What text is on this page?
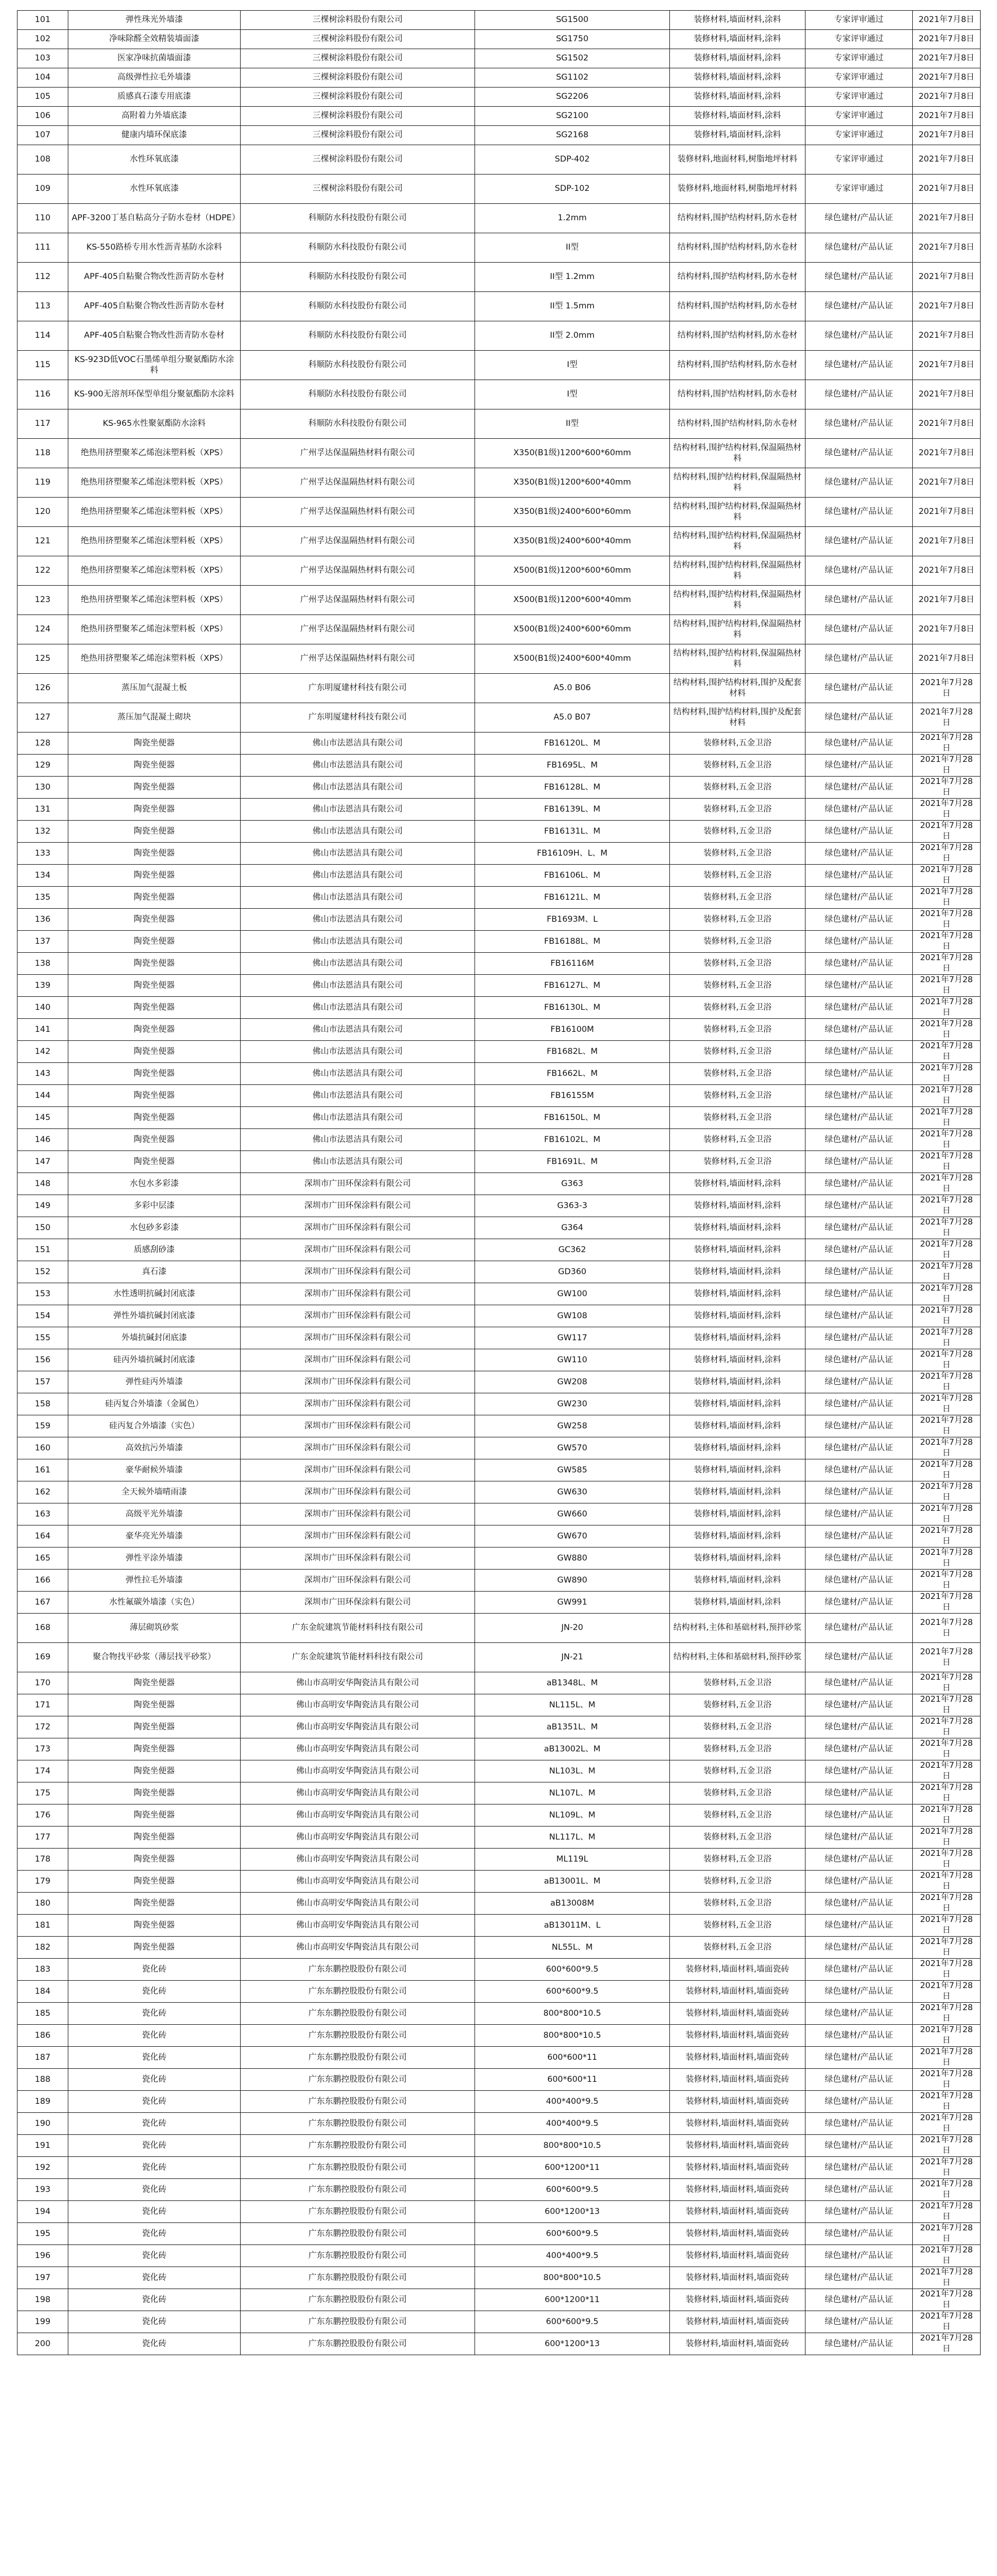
101	弹性珠光外墙漆	三棵树涂料股份有限公司	SG1500	装修材料,墙面材料,涂料	专家评审通过	2021年7月8日
102	净味除醛全效精装墙面漆	三棵树涂料股份有限公司	SG1750	装修材料,墙面材料,涂料	专家评审通过	2021年7月8日
103	医家净味抗菌墙面漆	三棵树涂料股份有限公司	SG1502	装修材料,墙面材料,涂料	专家评审通过	2021年7月8日
104	高级弹性拉毛外墙漆	三棵树涂料股份有限公司	SG1102	装修材料,墙面材料,涂料	专家评审通过	2021年7月8日
105	质感真石漆专用底漆	三棵树涂料股份有限公司	SG2206	装修材料,墙面材料,涂料	专家评审通过	2021年7月8日
106	高附着力外墙底漆	三棵树涂料股份有限公司	SG2100	装修材料,墙面材料,涂料	专家评审通过	2021年7月8日
107	健康内墙环保底漆	三棵树涂料股份有限公司	SG2168	装修材料,墙面材料,涂料	专家评审通过	2021年7月8日
108	水性环氧底漆	三棵树涂料股份有限公司	SDP-402	装修材料,地面材料,树脂地坪材料	专家评审通过	2021年7月8日
109	水性环氧底漆	三棵树涂料股份有限公司	SDP-102	装修材料,地面材料,树脂地坪材料	专家评审通过	2021年7月8日
110	APF-3200丁基自粘高分子防水卷材（HDPE）	科顺防水科技股份有限公司	1.2mm	结构材料,围护结构材料,防水卷材	绿色建材/产品认证	2021年7月8日
111	KS-550路桥专用水性沥青基防水涂料	科顺防水科技股份有限公司	II型	结构材料,围护结构材料,防水卷材	绿色建材/产品认证	2021年7月8日
112	APF-405自粘聚合物改性沥青防水卷材	科顺防水科技股份有限公司	II型 1.2mm	结构材料,围护结构材料,防水卷材	绿色建材/产品认证	2021年7月8日
113	APF-405自粘聚合物改性沥青防水卷材	科顺防水科技股份有限公司	II型 1.5mm	结构材料,围护结构材料,防水卷材	绿色建材/产品认证	2021年7月8日
114	APF-405自粘聚合物改性沥青防水卷材	科顺防水科技股份有限公司	II型 2.0mm	结构材料,围护结构材料,防水卷材	绿色建材/产品认证	2021年7月8日
115	KS-923D低VOC石墨烯单组分聚氨酯防水涂料	科顺防水科技股份有限公司	I型	结构材料,围护结构材料,防水卷材	绿色建材/产品认证	2021年7月8日
116	KS-900无溶剂环保型单组分聚氨酯防水涂料	科顺防水科技股份有限公司	I型	结构材料,围护结构材料,防水卷材	绿色建材/产品认证	2021年7月8日
117	KS-965水性聚氨酯防水涂料	科顺防水科技股份有限公司	II型	结构材料,围护结构材料,防水卷材	绿色建材/产品认证	2021年7月8日
118	绝热用挤塑聚苯乙烯泡沫塑料板（XPS）	广州孚达保温隔热材料有限公司	X350(B1级)1200*600*60mm	结构材料,围护结构材料,保温隔热材料	绿色建材/产品认证	2021年7月8日
119	绝热用挤塑聚苯乙烯泡沫塑料板（XPS）	广州孚达保温隔热材料有限公司	X350(B1级)1200*600*40mm	结构材料,围护结构材料,保温隔热材料	绿色建材/产品认证	2021年7月8日
120	绝热用挤塑聚苯乙烯泡沫塑料板（XPS）	广州孚达保温隔热材料有限公司	X350(B1级)2400*600*60mm	结构材料,围护结构材料,保温隔热材料	绿色建材/产品认证	2021年7月8日
121	绝热用挤塑聚苯乙烯泡沫塑料板（XPS）	广州孚达保温隔热材料有限公司	X350(B1级)2400*600*40mm	结构材料,围护结构材料,保温隔热材料	绿色建材/产品认证	2021年7月8日
122	绝热用挤塑聚苯乙烯泡沫塑料板（XPS）	广州孚达保温隔热材料有限公司	X500(B1级)1200*600*60mm	结构材料,围护结构材料,保温隔热材料	绿色建材/产品认证	2021年7月8日
123	绝热用挤塑聚苯乙烯泡沫塑料板（XPS）	广州孚达保温隔热材料有限公司	X500(B1级)1200*600*40mm	结构材料,围护结构材料,保温隔热材料	绿色建材/产品认证	2021年7月8日
124	绝热用挤塑聚苯乙烯泡沫塑料板（XPS）	广州孚达保温隔热材料有限公司	X500(B1级)2400*600*60mm	结构材料,围护结构材料,保温隔热材料	绿色建材/产品认证	2021年7月8日
125	绝热用挤塑聚苯乙烯泡沫塑料板（XPS）	广州孚达保温隔热材料有限公司	X500(B1级)2400*600*40mm	结构材料,围护结构材料,保温隔热材料	绿色建材/产品认证	2021年7月8日
126	蒸压加气混凝土板	广东明厦建材科技有限公司	A5.0 B06	结构材料,围护结构材料,围护及配套材料	绿色建材/产品认证	2021年7月28日
127	蒸压加气混凝土砌块	广东明厦建材科技有限公司	A5.0 B07	结构材料,围护结构材料,围护及配套材料	绿色建材/产品认证	2021年7月28日
128	陶瓷坐便器	佛山市法恩洁具有限公司	FB16120L、M	装修材料,五金卫浴	绿色建材/产品认证	2021年7月28日
129	陶瓷坐便器	佛山市法恩洁具有限公司	FB1695L、M	装修材料,五金卫浴	绿色建材/产品认证	2021年7月28日
130	陶瓷坐便器	佛山市法恩洁具有限公司	FB16128L、M	装修材料,五金卫浴	绿色建材/产品认证	2021年7月28日
131	陶瓷坐便器	佛山市法恩洁具有限公司	FB16139L、M	装修材料,五金卫浴	绿色建材/产品认证	2021年7月28日
132	陶瓷坐便器	佛山市法恩洁具有限公司	FB16131L、M	装修材料,五金卫浴	绿色建材/产品认证	2021年7月28日
133	陶瓷坐便器	佛山市法恩洁具有限公司	FB16109H、L、M	装修材料,五金卫浴	绿色建材/产品认证	2021年7月28日
134	陶瓷坐便器	佛山市法恩洁具有限公司	FB16106L、M	装修材料,五金卫浴	绿色建材/产品认证	2021年7月28日
135	陶瓷坐便器	佛山市法恩洁具有限公司	FB16121L、M	装修材料,五金卫浴	绿色建材/产品认证	2021年7月28日
136	陶瓷坐便器	佛山市法恩洁具有限公司	FB1693M、L	装修材料,五金卫浴	绿色建材/产品认证	2021年7月28日
137	陶瓷坐便器	佛山市法恩洁具有限公司	FB16188L、M	装修材料,五金卫浴	绿色建材/产品认证	2021年7月28日
138	陶瓷坐便器	佛山市法恩洁具有限公司	FB16116M	装修材料,五金卫浴	绿色建材/产品认证	2021年7月28日
139	陶瓷坐便器	佛山市法恩洁具有限公司	FB16127L、M	装修材料,五金卫浴	绿色建材/产品认证	2021年7月28日
140	陶瓷坐便器	佛山市法恩洁具有限公司	FB16130L、M	装修材料,五金卫浴	绿色建材/产品认证	2021年7月28日
141	陶瓷坐便器	佛山市法恩洁具有限公司	FB16100M	装修材料,五金卫浴	绿色建材/产品认证	2021年7月28日
142	陶瓷坐便器	佛山市法恩洁具有限公司	FB1682L、M	装修材料,五金卫浴	绿色建材/产品认证	2021年7月28日
143	陶瓷坐便器	佛山市法恩洁具有限公司	FB1662L、M	装修材料,五金卫浴	绿色建材/产品认证	2021年7月28日
144	陶瓷坐便器	佛山市法恩洁具有限公司	FB16155M	装修材料,五金卫浴	绿色建材/产品认证	2021年7月28日
145	陶瓷坐便器	佛山市法恩洁具有限公司	FB16150L、M	装修材料,五金卫浴	绿色建材/产品认证	2021年7月28日
146	陶瓷坐便器	佛山市法恩洁具有限公司	FB16102L、M	装修材料,五金卫浴	绿色建材/产品认证	2021年7月28日
147	陶瓷坐便器	佛山市法恩洁具有限公司	FB1691L、M	装修材料,五金卫浴	绿色建材/产品认证	2021年7月28日
148	水包水多彩漆	深圳市广田环保涂料有限公司	G363	装修材料,墙面材料,涂料	绿色建材/产品认证	2021年7月28日
149	多彩中层漆	深圳市广田环保涂料有限公司	G363-3	装修材料,墙面材料,涂料	绿色建材/产品认证	2021年7月28日
150	水包砂多彩漆	深圳市广田环保涂料有限公司	G364	装修材料,墙面材料,涂料	绿色建材/产品认证	2021年7月28日
151	质感刮砂漆	深圳市广田环保涂料有限公司	GC362	装修材料,墙面材料,涂料	绿色建材/产品认证	2021年7月28日
152	真石漆	深圳市广田环保涂料有限公司	GD360	装修材料,墙面材料,涂料	绿色建材/产品认证	2021年7月28日
153	水性透明抗碱封闭底漆	深圳市广田环保涂料有限公司	GW100	装修材料,墙面材料,涂料	绿色建材/产品认证	2021年7月28日
154	弹性外墙抗碱封闭底漆	深圳市广田环保涂料有限公司	GW108	装修材料,墙面材料,涂料	绿色建材/产品认证	2021年7月28日
155	外墙抗碱封闭底漆	深圳市广田环保涂料有限公司	GW117	装修材料,墙面材料,涂料	绿色建材/产品认证	2021年7月28日
156	硅丙外墙抗碱封闭底漆	深圳市广田环保涂料有限公司	GW110	装修材料,墙面材料,涂料	绿色建材/产品认证	2021年7月28日
157	弹性硅丙外墙漆	深圳市广田环保涂料有限公司	GW208	装修材料,墙面材料,涂料	绿色建材/产品认证	2021年7月28日
158	硅丙复合外墙漆（金属色）	深圳市广田环保涂料有限公司	GW230	装修材料,墙面材料,涂料	绿色建材/产品认证	2021年7月28日
159	硅丙复合外墙漆（实色）	深圳市广田环保涂料有限公司	GW258	装修材料,墙面材料,涂料	绿色建材/产品认证	2021年7月28日
160	高效抗污外墙漆	深圳市广田环保涂料有限公司	GW570	装修材料,墙面材料,涂料	绿色建材/产品认证	2021年7月28日
161	豪华耐候外墙漆	深圳市广田环保涂料有限公司	GW585	装修材料,墙面材料,涂料	绿色建材/产品认证	2021年7月28日
162	全天候外墙晴雨漆	深圳市广田环保涂料有限公司	GW630	装修材料,墙面材料,涂料	绿色建材/产品认证	2021年7月28日
163	高级平光外墙漆	深圳市广田环保涂料有限公司	GW660	装修材料,墙面材料,涂料	绿色建材/产品认证	2021年7月28日
164	豪华亮光外墙漆	深圳市广田环保涂料有限公司	GW670	装修材料,墙面材料,涂料	绿色建材/产品认证	2021年7月28日
165	弹性平涂外墙漆	深圳市广田环保涂料有限公司	GW880	装修材料,墙面材料,涂料	绿色建材/产品认证	2021年7月28日
166	弹性拉毛外墙漆	深圳市广田环保涂料有限公司	GW890	装修材料,墙面材料,涂料	绿色建材/产品认证	2021年7月28日
167	水性氟碳外墙漆（实色）	深圳市广田环保涂料有限公司	GW991	装修材料,墙面材料,涂料	绿色建材/产品认证	2021年7月28日
168	薄层砌筑砂浆	广东金皖建筑节能材料科技有限公司	JN-20	结构材料,主体和基础材料,预拌砂浆	绿色建材/产品认证	2021年7月28日
169	聚合物找平砂浆（薄层找平砂浆）	广东金皖建筑节能材料科技有限公司	JN-21	结构材料,主体和基础材料,预拌砂浆	绿色建材/产品认证	2021年7月28日
170	陶瓷坐便器	佛山市高明安华陶瓷洁具有限公司	aB1348L、M	装修材料,五金卫浴	绿色建材/产品认证	2021年7月28日
171	陶瓷坐便器	佛山市高明安华陶瓷洁具有限公司	NL115L、M	装修材料,五金卫浴	绿色建材/产品认证	2021年7月28日
172	陶瓷坐便器	佛山市高明安华陶瓷洁具有限公司	aB1351L、M	装修材料,五金卫浴	绿色建材/产品认证	2021年7月28日
173	陶瓷坐便器	佛山市高明安华陶瓷洁具有限公司	aB13002L、M	装修材料,五金卫浴	绿色建材/产品认证	2021年7月28日
174	陶瓷坐便器	佛山市高明安华陶瓷洁具有限公司	NL103L、M	装修材料,五金卫浴	绿色建材/产品认证	2021年7月28日
175	陶瓷坐便器	佛山市高明安华陶瓷洁具有限公司	NL107L、M	装修材料,五金卫浴	绿色建材/产品认证	2021年7月28日
176	陶瓷坐便器	佛山市高明安华陶瓷洁具有限公司	NL109L、M	装修材料,五金卫浴	绿色建材/产品认证	2021年7月28日
177	陶瓷坐便器	佛山市高明安华陶瓷洁具有限公司	NL117L、M	装修材料,五金卫浴	绿色建材/产品认证	2021年7月28日
178	陶瓷坐便器	佛山市高明安华陶瓷洁具有限公司	ML119L	装修材料,五金卫浴	绿色建材/产品认证	2021年7月28日
179	陶瓷坐便器	佛山市高明安华陶瓷洁具有限公司	aB13001L、M	装修材料,五金卫浴	绿色建材/产品认证	2021年7月28日
180	陶瓷坐便器	佛山市高明安华陶瓷洁具有限公司	aB13008M	装修材料,五金卫浴	绿色建材/产品认证	2021年7月28日
181	陶瓷坐便器	佛山市高明安华陶瓷洁具有限公司	aB13011M、L	装修材料,五金卫浴	绿色建材/产品认证	2021年7月28日
182	陶瓷坐便器	佛山市高明安华陶瓷洁具有限公司	NL55L、M	装修材料,五金卫浴	绿色建材/产品认证	2021年7月28日
183	瓷化砖	广东东鹏控股股份有限公司	600*600*9.5	装修材料,墙面材料,墙面瓷砖	绿色建材/产品认证	2021年7月28日
184	瓷化砖	广东东鹏控股股份有限公司	600*600*9.5	装修材料,墙面材料,墙面瓷砖	绿色建材/产品认证	2021年7月28日
185	瓷化砖	广东东鹏控股股份有限公司	800*800*10.5	装修材料,墙面材料,墙面瓷砖	绿色建材/产品认证	2021年7月28日
186	瓷化砖	广东东鹏控股股份有限公司	800*800*10.5	装修材料,墙面材料,墙面瓷砖	绿色建材/产品认证	2021年7月28日
187	瓷化砖	广东东鹏控股股份有限公司	600*600*11	装修材料,墙面材料,墙面瓷砖	绿色建材/产品认证	2021年7月28日
188	瓷化砖	广东东鹏控股股份有限公司	600*600*11	装修材料,墙面材料,墙面瓷砖	绿色建材/产品认证	2021年7月28日
189	瓷化砖	广东东鹏控股股份有限公司	400*400*9.5	装修材料,墙面材料,墙面瓷砖	绿色建材/产品认证	2021年7月28日
190	瓷化砖	广东东鹏控股股份有限公司	400*400*9.5	装修材料,墙面材料,墙面瓷砖	绿色建材/产品认证	2021年7月28日
191	瓷化砖	广东东鹏控股股份有限公司	800*800*10.5	装修材料,墙面材料,墙面瓷砖	绿色建材/产品认证	2021年7月28日
192	瓷化砖	广东东鹏控股股份有限公司	600*1200*11	装修材料,墙面材料,墙面瓷砖	绿色建材/产品认证	2021年7月28日
193	瓷化砖	广东东鹏控股股份有限公司	600*600*9.5	装修材料,墙面材料,墙面瓷砖	绿色建材/产品认证	2021年7月28日
194	瓷化砖	广东东鹏控股股份有限公司	600*1200*13	装修材料,墙面材料,墙面瓷砖	绿色建材/产品认证	2021年7月28日
195	瓷化砖	广东东鹏控股股份有限公司	600*600*9.5	装修材料,墙面材料,墙面瓷砖	绿色建材/产品认证	2021年7月28日
196	瓷化砖	广东东鹏控股股份有限公司	400*400*9.5	装修材料,墙面材料,墙面瓷砖	绿色建材/产品认证	2021年7月28日
197	瓷化砖	广东东鹏控股股份有限公司	800*800*10.5	装修材料,墙面材料,墙面瓷砖	绿色建材/产品认证	2021年7月28日
198	瓷化砖	广东东鹏控股股份有限公司	600*1200*11	装修材料,墙面材料,墙面瓷砖	绿色建材/产品认证	2021年7月28日
199	瓷化砖	广东东鹏控股股份有限公司	600*600*9.5	装修材料,墙面材料,墙面瓷砖	绿色建材/产品认证	2021年7月28日
200	瓷化砖	广东东鹏控股股份有限公司	600*1200*13	装修材料,墙面材料,墙面瓷砖	绿色建材/产品认证	2021年7月28日
